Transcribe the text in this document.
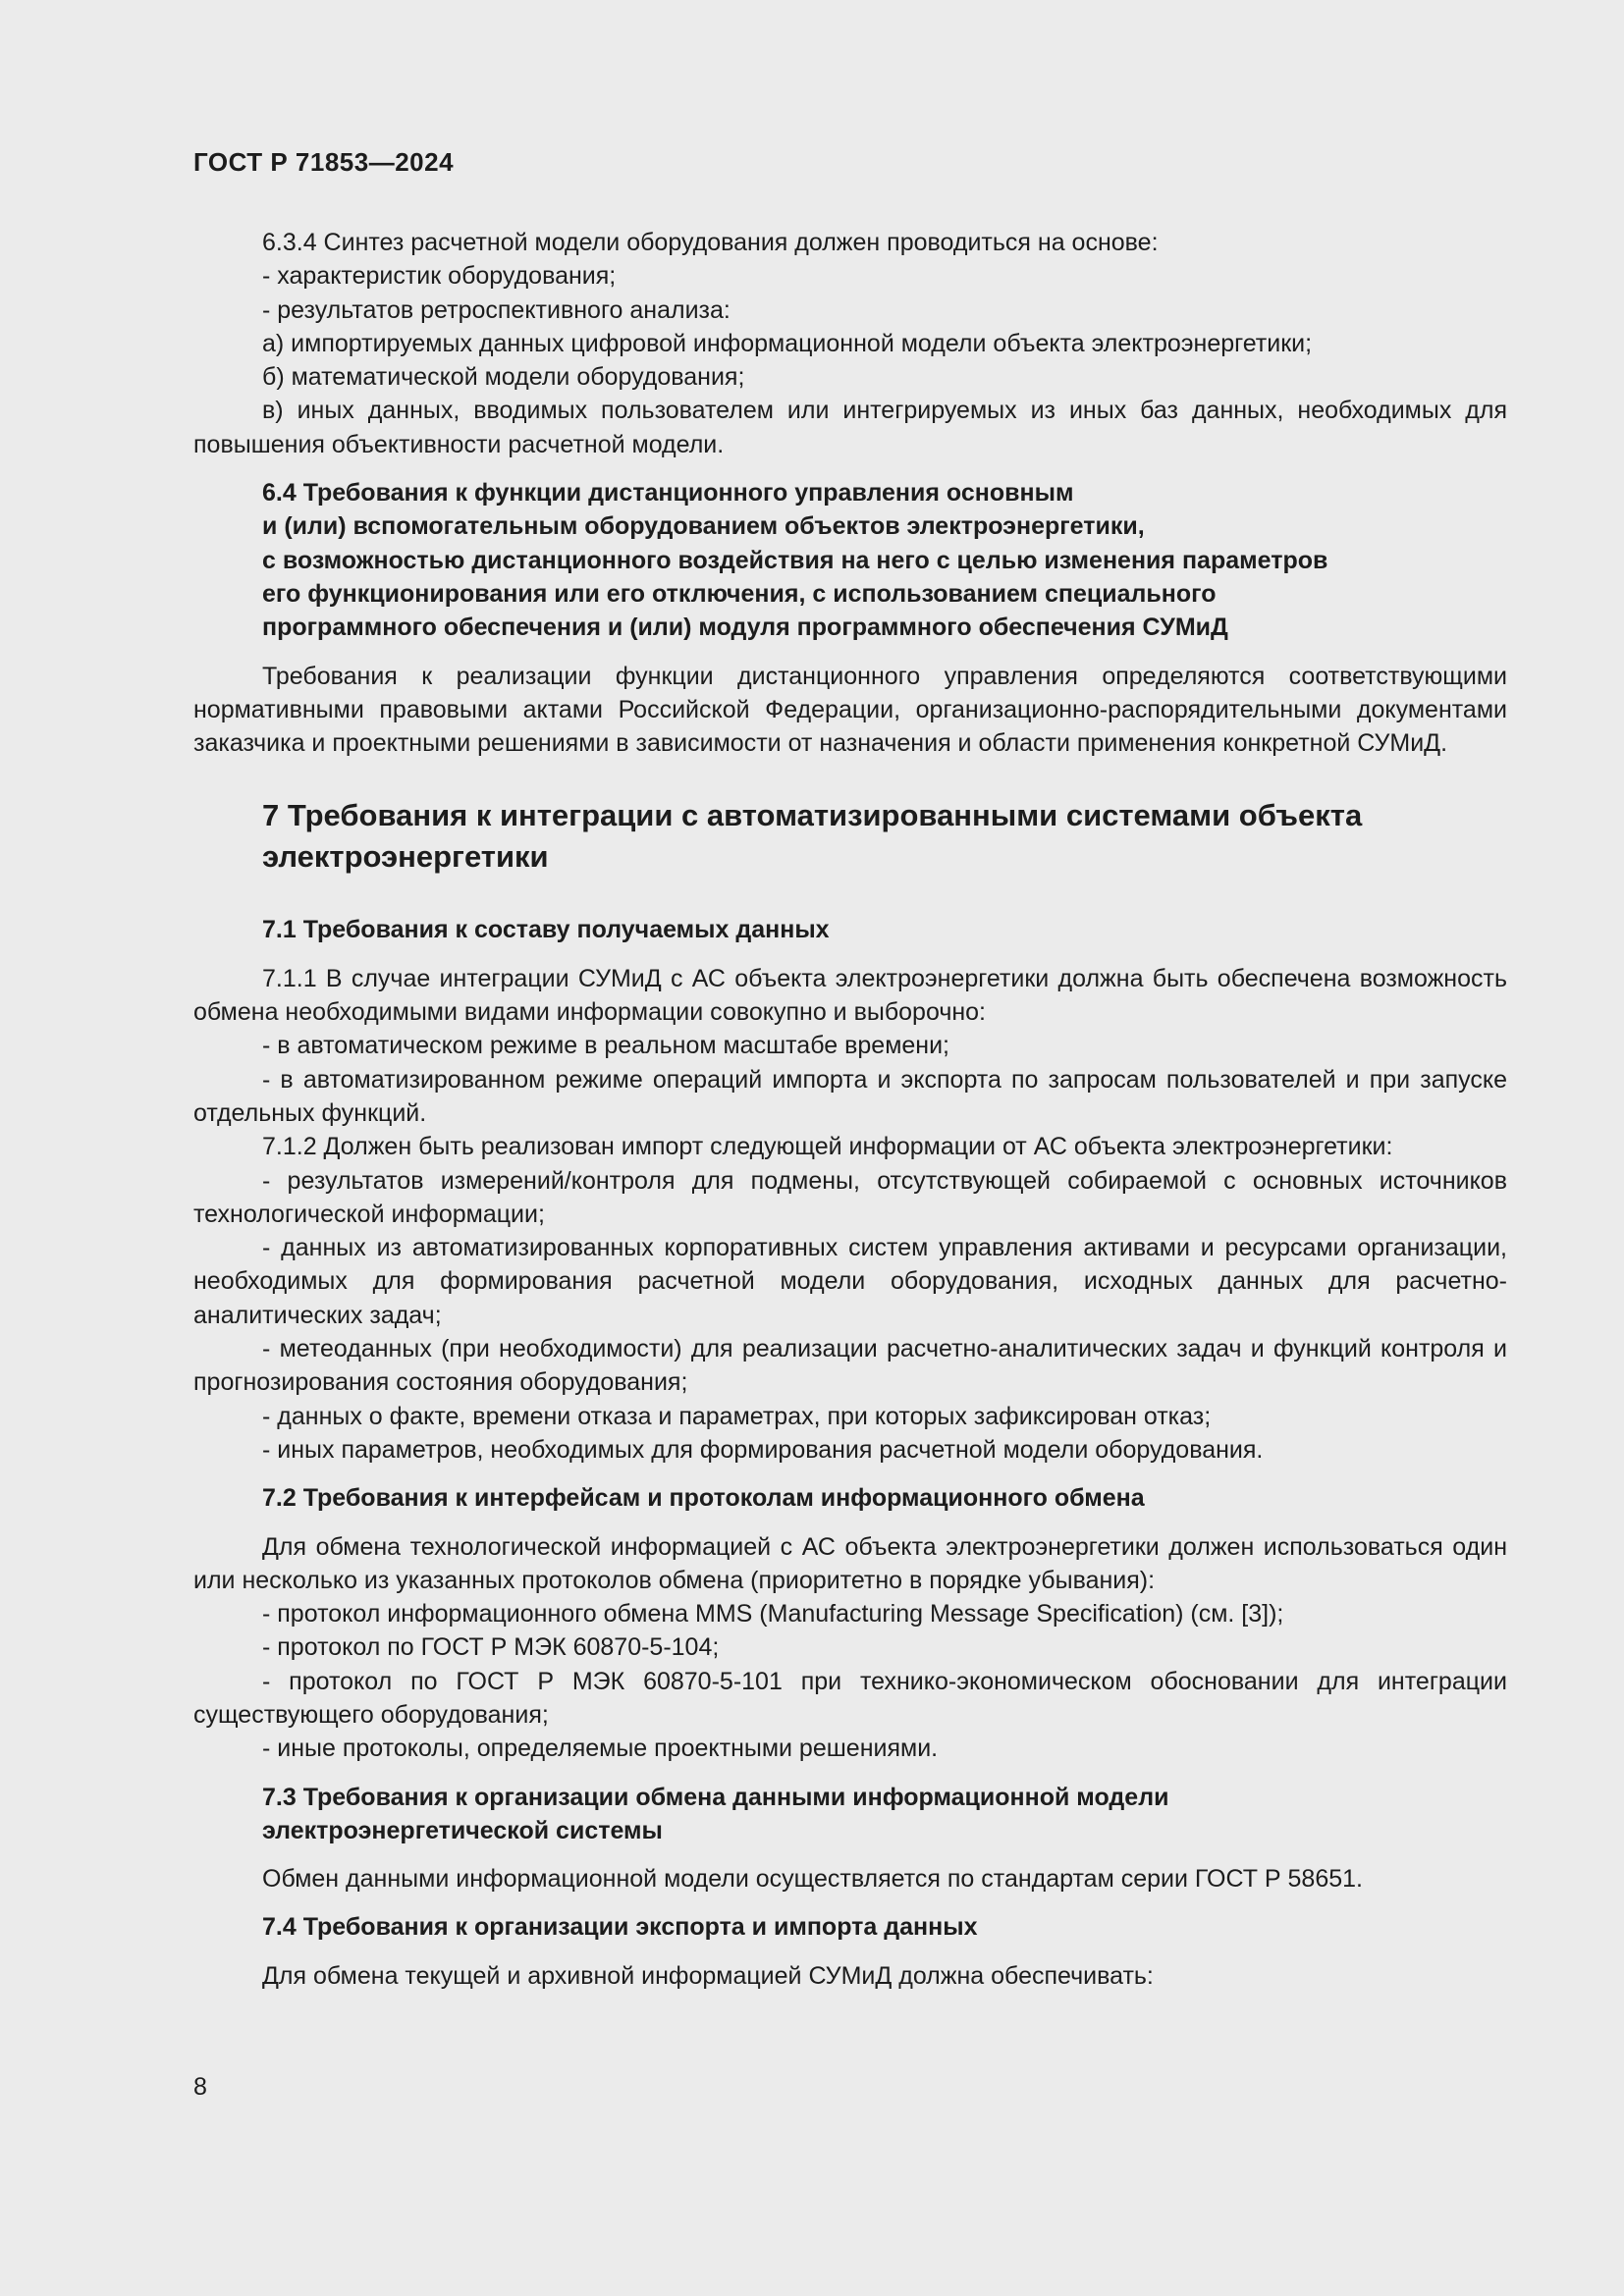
ГОСТ Р 71853—2024

6.3.4 Синтез расчетной модели оборудования должен проводиться на основе:

- характеристик оборудования;

- результатов ретроспективного анализа:

а) импортируемых данных цифровой информационной модели объекта электроэнергетики;

б) математической модели оборудования;

в) иных данных, вводимых пользователем или интегрируемых из иных баз данных, необходимых для повышения объективности расчетной модели.

6.4 Требования к функции дистанционного управления основным
и (или) вспомогательным оборудованием объектов электроэнергетики,
с возможностью дистанционного воздействия на него с целью изменения параметров
его функционирования или его отключения, с использованием специального
программного обеспечения и (или) модуля программного обеспечения СУМиД

Требования к реализации функции дистанционного управления определяются соответствующими нормативными правовыми актами Российской Федерации, организационно-распорядительными документами заказчика и проектными решениями в зависимости от назначения и области применения конкретной СУМиД.

7 Требования к интеграции с автоматизированными системами объекта
электроэнергетики
7.1 Требования к составу получаемых данных

7.1.1 В случае интеграции СУМиД с АС объекта электроэнергетики должна быть обеспечена возможность обмена необходимыми видами информации совокупно и выборочно:

- в автоматическом режиме в реальном масштабе времени;

- в автоматизированном режиме операций импорта и экспорта по запросам пользователей и при запуске отдельных функций.

7.1.2 Должен быть реализован импорт следующей информации от АС объекта электроэнергетики:

- результатов измерений/контроля для подмены, отсутствующей собираемой с основных источников технологической информации;

- данных из автоматизированных корпоративных систем управления активами и ресурсами организации, необходимых для формирования расчетной модели оборудования, исходных данных для расчетно-аналитических задач;

- метеоданных (при необходимости) для реализации расчетно-аналитических задач и функций контроля и прогнозирования состояния оборудования;

- данных о факте, времени отказа и параметрах, при которых зафиксирован отказ;

- иных параметров, необходимых для формирования расчетной модели оборудования.

7.2 Требования к интерфейсам и протоколам информационного обмена

Для обмена технологической информацией с АС объекта электроэнергетики должен использоваться один или несколько из указанных протоколов обмена (приоритетно в порядке убывания):

- протокол информационного обмена MMS (Manufacturing Message Specification) (см. [3]);

- протокол по ГОСТ Р МЭК 60870-5-104;

- протокол по ГОСТ Р МЭК 60870-5-101 при технико-экономическом обосновании для интеграции существующего оборудования;

- иные протоколы, определяемые проектными решениями.

7.3 Требования к организации обмена данными информационной модели
электроэнергетической системы

Обмен данными информационной модели осуществляется по стандартам серии ГОСТ Р 58651.

7.4 Требования к организации экспорта и импорта данных

Для обмена текущей и архивной информацией СУМиД должна обеспечивать:

8
